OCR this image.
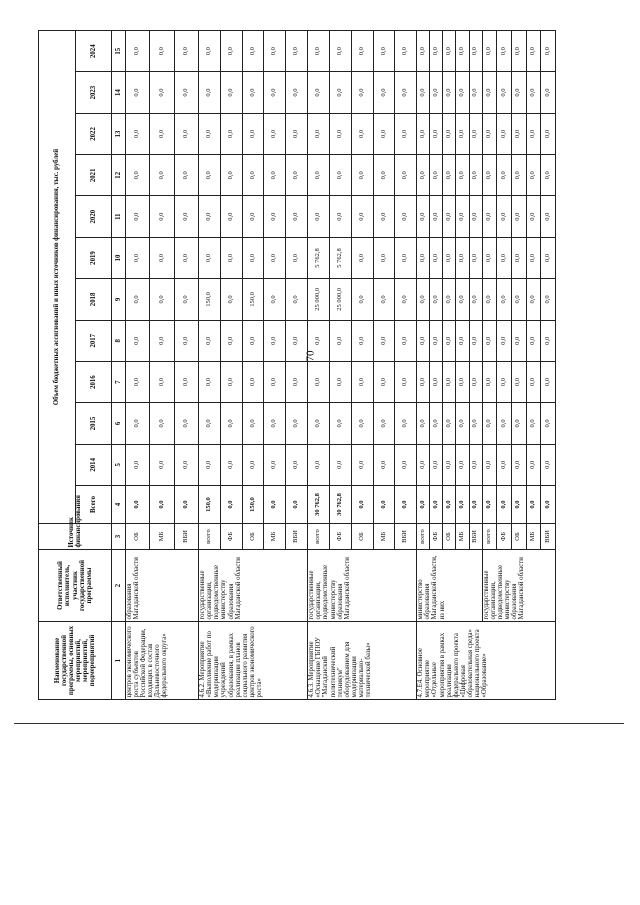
70
Наименование государственной программы, основных мероприятий, мероприятий, подмероприятий	Ответственный исполнитель, участник государственной программы	Источник финансирования	Объем бюджетных ассигнований и иных источников финансирования, тыс. рублей											
			Всего	2014	2015	2016	2017	2018	2019	2020	2021	2022	2023	2024
1	2	3	4	5	6	7	8	9	10	11	12	13	14	15
центров экономического роста субъектов Российской Федерации, входящих в состав Дальневосточного федерального округа»	образования Магаданской области	ОБ	0,0	0,0	0,0	0,0	0,0	0,0	0,0	0,0	0,0	0,0	0,0	0,0
		МБ	0,0	0,0	0,0	0,0	0,0	0,0	0,0	0,0	0,0	0,0	0,0	0,0
		ВБИ	0,0	0,0	0,0	0,0	0,0	0,0	0,0	0,0	0,0	0,0	0,0	0,0
4.6.2. Мероприятие «Выполнение работ по модернизации учреждений образования, в рамках реализации планов социального развития центров экономического роста»	государственные организации, подведомственные министерству образования Магаданской области	всего	150,0	0,0	0,0	0,0	0,0	150,0	0,0	0,0	0,0	0,0	0,0	0,0
		ФБ	0,0	0,0	0,0	0,0	0,0	0,0	0,0	0,0	0,0	0,0	0,0	0,0
		ОБ	150,0	0,0	0,0	0,0	0,0	150,0	0,0	0,0	0,0	0,0	0,0	0,0
		МБ	0,0	0,0	0,0	0,0	0,0	0,0	0,0	0,0	0,0	0,0	0,0	0,0
		ВБИ	0,0	0,0	0,0	0,0	0,0	0,0	0,0	0,0	0,0	0,0	0,0	0,0
4.6.3. Мероприятие «Оснащение ГБПОУ "Магаданский политехнический техникум" оборудованием для модернизации материально-технической базы»	государственные организации, подведомственные министерству образования Магаданской области	всего	30 762,8	0,0	0,0	0,0	0,0	25 000,0	5 762,8	0,0	0,0	0,0	0,0	0,0
		ФБ	30 762,8	0,0	0,0	0,0	0,0	25 000,0	5 762,8	0,0	0,0	0,0	0,0	0,0
		ОБ	0,0	0,0	0,0	0,0	0,0	0,0	0,0	0,0	0,0	0,0	0,0	0,0
		МБ	0,0	0,0	0,0	0,0	0,0	0,0	0,0	0,0	0,0	0,0	0,0	0,0
		ВБИ	0,0	0,0	0,0	0,0	0,0	0,0	0,0	0,0	0,0	0,0	0,0	0,0
4.7.Е4. Основное мероприятие «Отдельные мероприятия в рамках реализации федерального проекта «Цифровая образовательная среда» национального проекта «Образование»	министерство образования Магаданской области, из них	всего	0,0	0,0	0,0	0,0	0,0	0,0	0,0	0,0	0,0	0,0	0,0	0,0
		ФБ	0,0	0,0	0,0	0,0	0,0	0,0	0,0	0,0	0,0	0,0	0,0	0,0
		ОБ	0,0	0,0	0,0	0,0	0,0	0,0	0,0	0,0	0,0	0,0	0,0	0,0
		МБ	0,0	0,0	0,0	0,0	0,0	0,0	0,0	0,0	0,0	0,0	0,0	0,0
		ВБИ	0,0	0,0	0,0	0,0	0,0	0,0	0,0	0,0	0,0	0,0	0,0	0,0
	государственные организации, подведомственные министерству образования Магаданской области	всего	0,0	0,0	0,0	0,0	0,0	0,0	0,0	0,0	0,0	0,0	0,0	0,0
		ФБ	0,0	0,0	0,0	0,0	0,0	0,0	0,0	0,0	0,0	0,0	0,0	0,0
		ОБ	0,0	0,0	0,0	0,0	0,0	0,0	0,0	0,0	0,0	0,0	0,0	0,0
		МБ	0,0	0,0	0,0	0,0	0,0	0,0	0,0	0,0	0,0	0,0	0,0	0,0
		ВБИ	0,0	0,0	0,0	0,0	0,0	0,0	0,0	0,0	0,0	0,0	0,0	0,0
